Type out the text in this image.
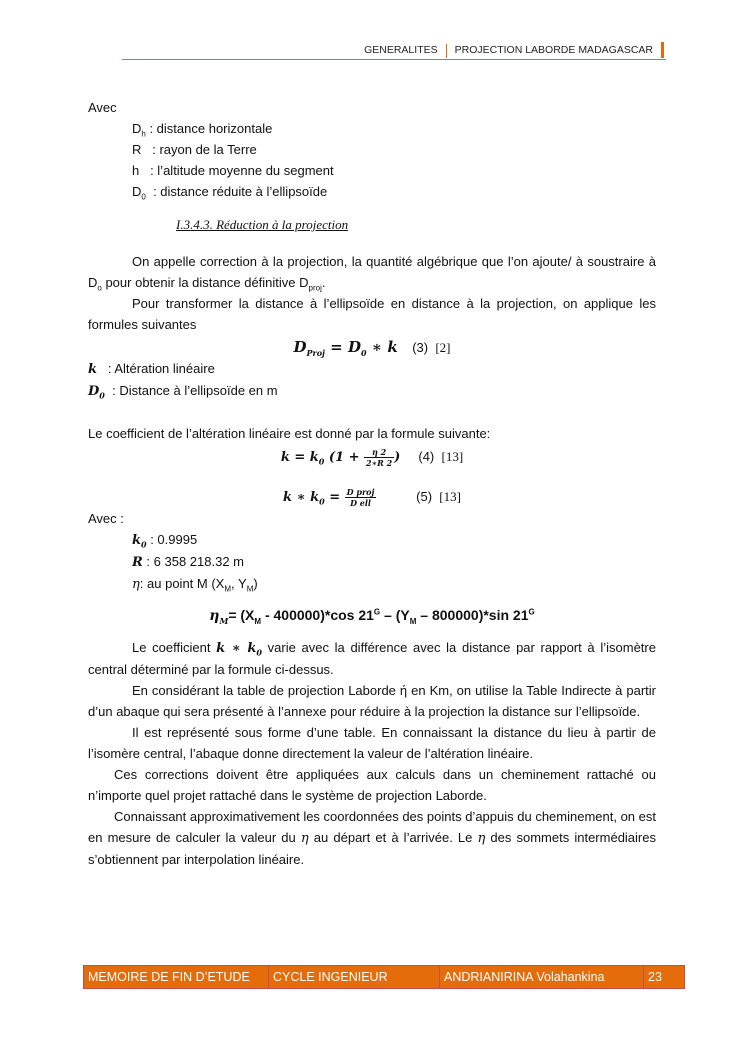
GENERALITES	PROJECTION LABORDE MADAGASCAR

Avec

$D_h$ : distance horizontale

R   : rayon de la Terre

h   : l’altitude moyenne du segment

$D_0$  : distance réduite à l’ellipsoïde

I.3.4.3. Réduction à la projection

On appelle correction à la projection, la quantité algébrique que l’on ajoute/ à soustraire à $D_o$ pour obtenir la distance définitive $D_{proj}$.

Pour transformer la distance à l’ellipsoïde en distance à la projection, on applique les formules suivantes

$D_{Proj} = D_0$ ∗ k (3) [2]

k   : Altération linéaire

$D_0$  : Distance à l’ellipsoïde en m

Le coefficient de l’altération linéaire est donné par la formule suivante:

$k = k_0$ ($1 + \frac{\eta 2}{2∗R 2}$ ) (4) [13]

k ∗ $k_0 = \frac{\text{D proj}}{\text{D ell}}$	(5) [13]

Avec :

$k_0$ : 0.9995

R : 6 358 218.32 m

η: au point M ($X_M$, $Y_M$)

$\eta_M= (X_M - 400000)*\cos$ $21^G - (Y_M - 800000)*\sin$ $21^G$

Le coefficient k ∗ $k_0$ varie avec la différence avec la distance par rapport à l’isomètre central déterminé par la formule ci-dessus.

En considérant la table de projection Laborde ή en Km, on utilise la Table Indirecte à partir d’un abaque qui sera présenté à l’annexe pour réduire à la projection la distance sur l’ellipsoïde.

Il est représenté sous forme d’une table. En connaissant la distance du lieu à partir de l’isomère central, l’abaque donne directement la valeur de l’altération linéaire.

Ces corrections doivent être appliquées aux calculs dans un cheminement rattaché ou n’importe quel projet rattaché dans le système de projection Laborde.

Connaissant approximativement les coordonnées des points d’appuis du cheminement, on est en mesure de calculer la valeur du η au départ et à l’arrivée. Le η des sommets intermédiaires s’obtiennent par interpolation linéaire.

MEMOIRE DE FIN D’ETUDE	CYCLE INGENIEUR	ANDRIANIRINA Volahankina	23
